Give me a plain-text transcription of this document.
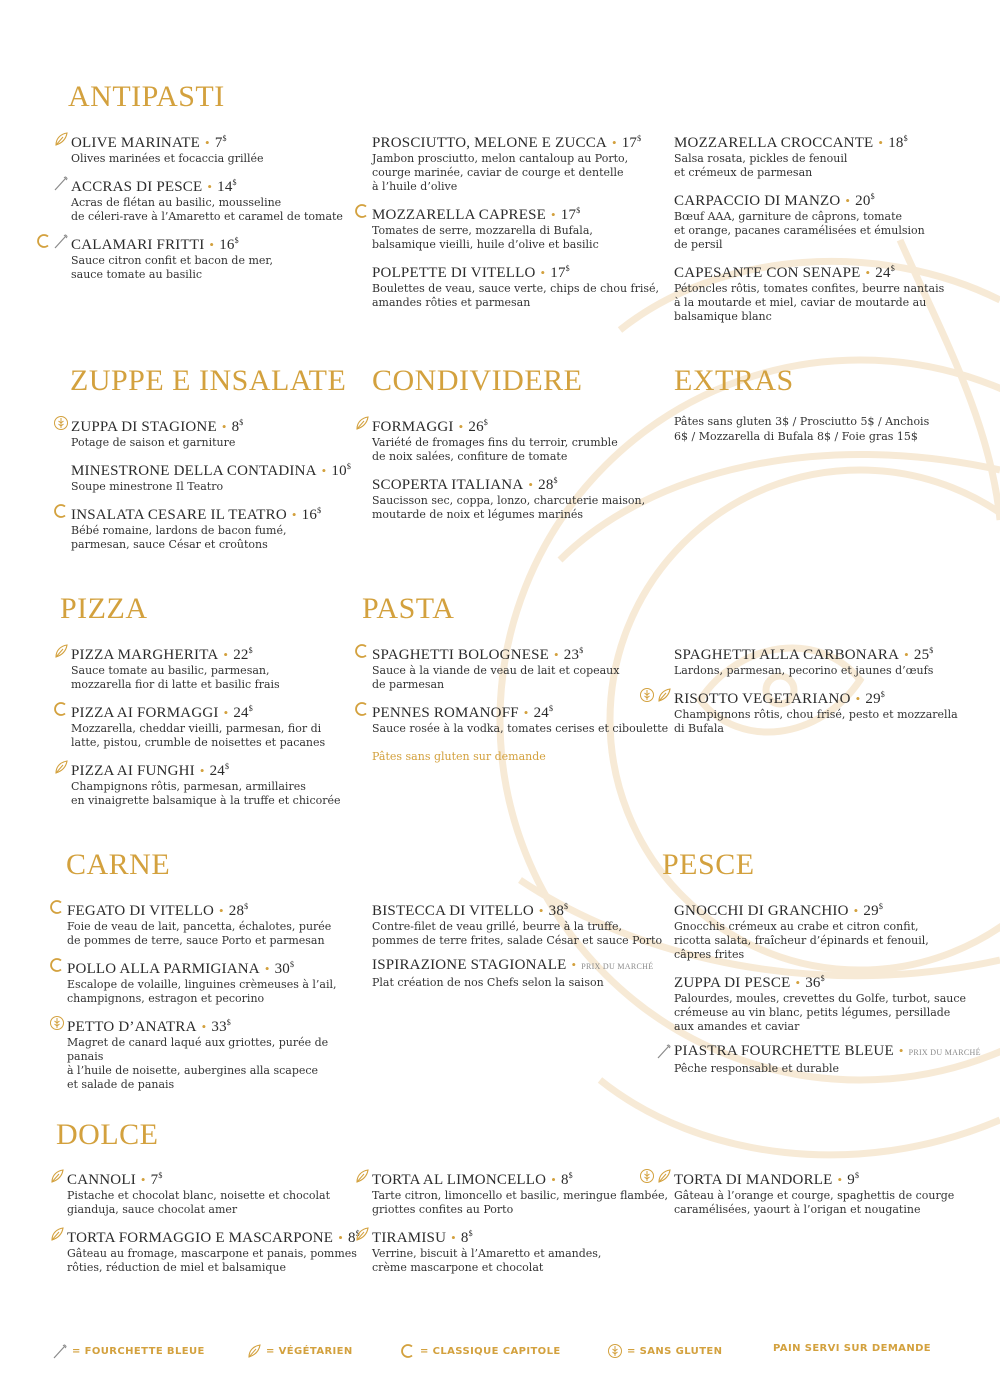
ANTIPASTI
OLIVE MARINATE • 7$
Olives marinées et focaccia grillée
ACCRAS DI PESCE • 14$
Acras de flétan au basilic, mousseline
de céleri-rave à l’Amaretto et caramel de tomate
CALAMARI FRITTI • 16$
Sauce citron confit et bacon de mer,
sauce tomate au basilic
PROSCIUTTO, MELONE E ZUCCA • 17$
Jambon prosciutto, melon cantaloup au Porto,
courge marinée, caviar de courge et dentelle
à l’huile d’olive
MOZZARELLA CAPRESE • 17$
Tomates de serre, mozzarella di Bufala,
balsamique vieilli, huile d’olive et basilic
POLPETTE DI VITELLO • 17$
Boulettes de veau, sauce verte, chips de chou frisé,
amandes rôties et parmesan
MOZZARELLA CROCCANTE • 18$
Salsa rosata, pickles de fenouil
et crémeux de parmesan
CARPACCIO DI MANZO • 20$
Bœuf AAA, garniture de câprons, tomate
et orange, pacanes caramélisées et émulsion
de persil
CAPESANTE CON SENAPE • 24$
Pétoncles rôtis, tomates confites, beurre nantais
à la moutarde et miel, caviar de moutarde au
balsamique blanc
ZUPPE E INSALATE
ZUPPA DI STAGIONE • 8$
Potage de saison et garniture
MINESTRONE DELLA CONTADINA • 10$
Soupe minestrone Il Teatro
INSALATA CESARE IL TEATRO • 16$
Bébé romaine, lardons de bacon fumé,
parmesan, sauce César et croûtons
CONDIVIDERE
FORMAGGI • 26$
Variété de fromages fins du terroir, crumble
de noix salées, confiture de tomate
SCOPERTA ITALIANA • 28$
Saucisson sec, coppa, lonzo, charcuterie maison,
moutarde de noix et légumes marinés
EXTRAS
Pâtes sans gluten 3$ / Prosciutto 5$ / Anchois 6$ / Mozzarella di Bufala 8$ / Foie gras 15$
PIZZA
PIZZA MARGHERITA • 22$
Sauce tomate au basilic, parmesan,
mozzarella fior di latte et basilic frais
PIZZA AI FORMAGGI • 24$
Mozzarella, cheddar vieilli, parmesan, fior di
latte, pistou, crumble de noisettes et pacanes
PIZZA AI FUNGHI • 24$
Champignons rôtis, parmesan, armillaires
en vinaigrette balsamique à la truffe et chicorée
PASTA
SPAGHETTI BOLOGNESE • 23$
Sauce à la viande de veau de lait et copeaux
de parmesan
PENNES ROMANOFF • 24$
Sauce rosée à la vodka, tomates cerises et ciboulette
Pâtes sans gluten sur demande
SPAGHETTI ALLA CARBONARA • 25$
Lardons, parmesan, pecorino et jaunes d’œufs
RISOTTO VEGETARIANO • 29$
Champignons rôtis, chou frisé, pesto et mozzarella
di Bufala
CARNE
FEGATO DI VITELLO • 28$
Foie de veau de lait, pancetta, échalotes, purée
de pommes de terre, sauce Porto et parmesan
POLLO ALLA PARMIGIANA • 30$
Escalope de volaille, linguines crèmeuses à l’ail,
champignons, estragon et pecorino
PETTO D’ANATRA • 33$
Magret de canard laqué aux griottes, purée de panais
à l’huile de noisette, aubergines alla scapece
et salade de panais
BISTECCA DI VITELLO • 38$
Contre-filet de veau grillé, beurre à la truffe,
pommes de terre frites, salade César et sauce Porto
ISPIRAZIONE STAGIONALE • PRIX DU MARCHÉ
Plat création de nos Chefs selon la saison
PESCE
GNOCCHI DI GRANCHIO • 29$
Gnocchis crémeux au crabe et citron confit,
ricotta salata, fraîcheur d’épinards et fenouil,
câpres frites
ZUPPA DI PESCE • 36$
Palourdes, moules, crevettes du Golfe, turbot, sauce
crémeuse au vin blanc, petits légumes, persillade
aux amandes et caviar
PIASTRA FOURCHETTE BLEUE • PRIX DU MARCHÉ
Pêche responsable et durable
DOLCE
CANNOLI • 7$
Pistache et chocolat blanc, noisette et chocolat
gianduja, sauce chocolat amer
TORTA FORMAGGIO E MASCARPONE • 8$
Gâteau au fromage, mascarpone et panais, pommes
rôties, réduction de miel et balsamique
TORTA AL LIMONCELLO • 8$
Tarte citron, limoncello et basilic, meringue flambée,
griottes confites au Porto
TIRAMISU • 8$
Verrine, biscuit à l’Amaretto et amandes,
crème mascarpone et chocolat
TORTA DI MANDORLE • 9$
Gâteau à l’orange et courge, spaghettis de courge
caramélisées, yaourt à l’origan et nougatine
= FOURCHETTE BLEUE	= VÉGÉTARIEN	= CLASSIQUE CAPITOLE	= SANS GLUTEN	PAIN SERVI SUR DEMANDE
